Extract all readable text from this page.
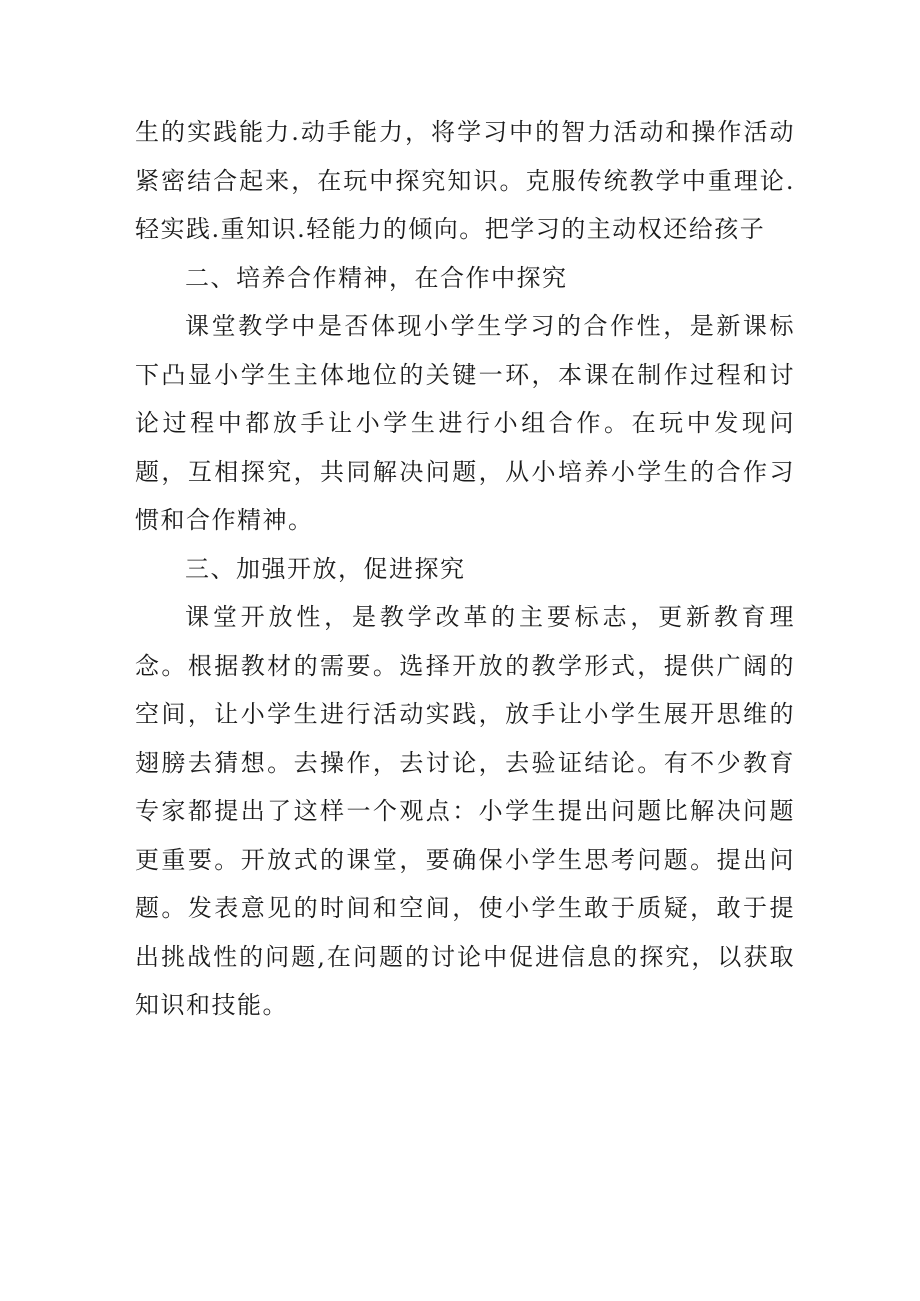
生的实践能力.动手能力，将学习中的智力活动和操作活动紧密结合起来，在玩中探究知识。克服传统教学中重理论.轻实践.重知识.轻能力的倾向。把学习的主动权还给孩子

二、培养合作精神，在合作中探究

课堂教学中是否体现小学生学习的合作性，是新课标下凸显小学生主体地位的关键一环，本课在制作过程和讨论过程中都放手让小学生进行小组合作。在玩中发现问题，互相探究，共同解决问题，从小培养小学生的合作习惯和合作精神。

三、加强开放，促进探究

课堂开放性，是教学改革的主要标志，更新教育理念。根据教材的需要。选择开放的教学形式，提供广阔的空间，让小学生进行活动实践，放手让小学生展开思维的翅膀去猜想。去操作，去讨论，去验证结论。有不少教育专家都提出了这样一个观点：小学生提出问题比解决问题更重要。开放式的课堂，要确保小学生思考问题。提出问题。发表意见的时间和空间，使小学生敢于质疑，敢于提出挑战性的问题,在问题的讨论中促进信息的探究，以获取知识和技能。
